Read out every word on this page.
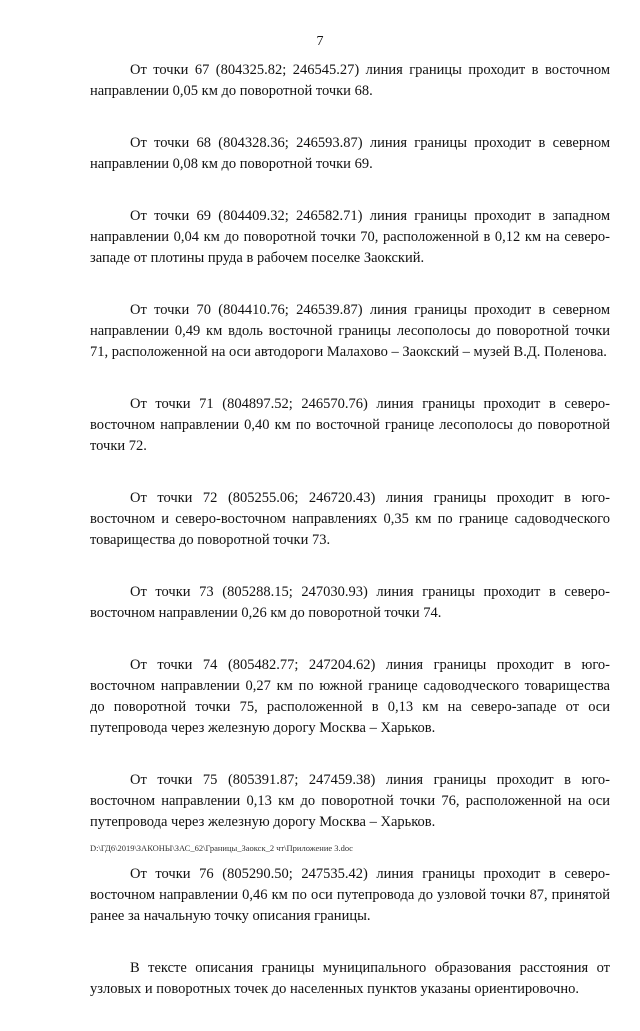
7

От точки 67 (804325.82; 246545.27) линия границы проходит в восточном направлении 0,05 км до поворотной точки 68.

От точки 68 (804328.36; 246593.87) линия границы проходит в северном направлении 0,08 км до поворотной точки 69.

От точки 69 (804409.32; 246582.71) линия границы проходит в западном направлении 0,04 км до поворотной точки 70, расположенной в 0,12 км на северо-западе от плотины пруда в рабочем поселке Заокский.

От точки 70 (804410.76; 246539.87) линия границы проходит в северном направлении 0,49 км вдоль восточной границы лесополосы до поворотной точки 71, расположенной на оси автодороги Малахово – Заокский – музей В.Д. Поленова.

От точки 71 (804897.52; 246570.76) линия границы проходит в северо-восточном направлении 0,40 км по восточной границе лесополосы до поворотной точки 72.

От точки 72 (805255.06; 246720.43) линия границы проходит в юго-восточном и северо-восточном направлениях 0,35 км по границе садоводческого товарищества до поворотной точки 73.

От точки 73 (805288.15; 247030.93) линия границы проходит в северо-восточном направлении 0,26 км до поворотной точки 74.

От точки 74 (805482.77; 247204.62) линия границы проходит в юго-восточном направлении 0,27 км по южной границе садоводческого товарищества до поворотной точки 75, расположенной в 0,13 км на северо-западе от оси путепровода через железную дорогу Москва – Харьков.

От точки 75 (805391.87; 247459.38) линия границы проходит в юго-восточном направлении 0,13 км до поворотной точки 76, расположенной на оси путепровода через железную дорогу Москва – Харьков.

От точки 76 (805290.50; 247535.42) линия границы проходит в северо-восточном направлении 0,46 км по оси путепровода до узловой точки 87, принятой ранее за начальную точку описания границы.

В тексте описания границы муниципального образования расстояния от узловых и поворотных точек до населенных пунктов указаны ориентировочно.

D:\ГД6\2019\ЗАКОНЫ\ЗАС_62\Границы_Заокск_2 чт\Приложение 3.doc
